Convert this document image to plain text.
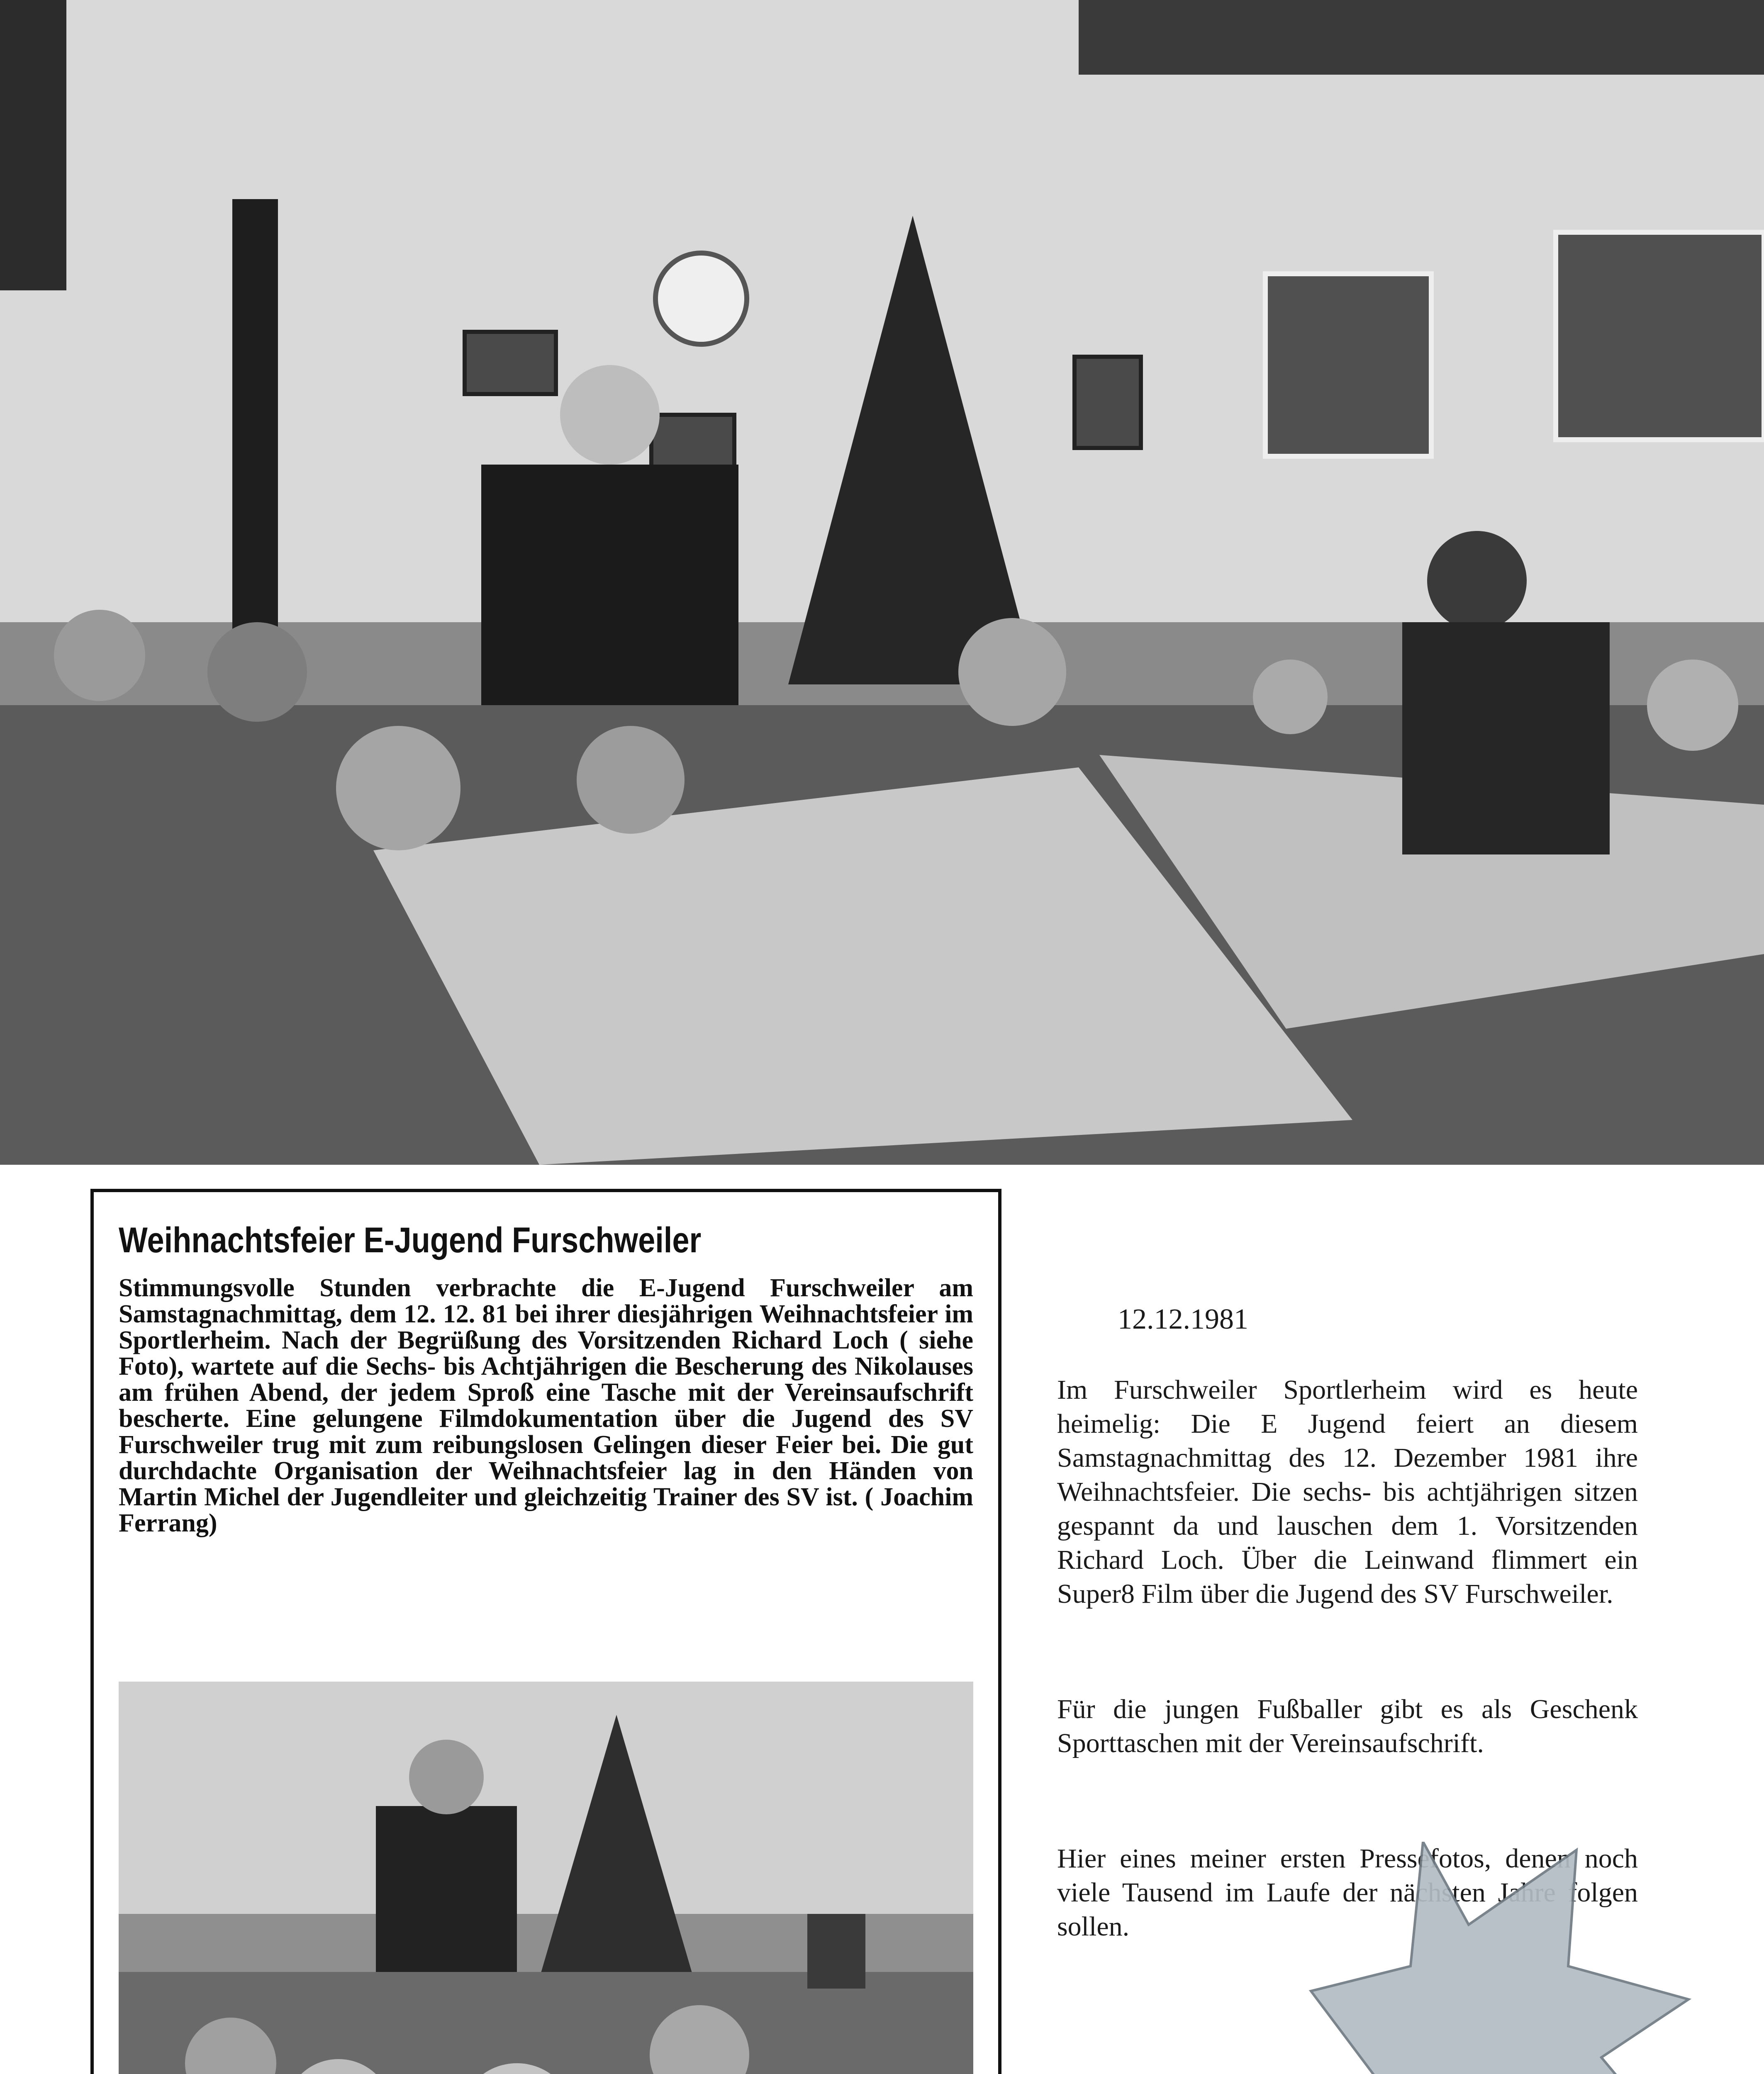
Weihnachtsfeier E-Jugend Furschweiler
Stimmungsvolle Stunden verbrachte die E-Jugend Furschweiler am Samstagnachmittag, dem 12. 12. 81 bei ihrer diesjährigen Weihnachtsfeier im Sportlerheim. Nach der Begrüßung des Vorsitzenden Richard Loch ( siehe Foto), wartete auf die Sechs- bis Achtjährigen die Bescherung des Nikolauses am frühen Abend, der jedem Sproß eine Tasche mit der Vereinsaufschrift bescherte. Eine gelungene Filmdokumentation über die Jugend des SV Furschweiler trug mit zum reibungslosen Gelingen dieser Feier bei. Die gut durchdachte Organisation der Weihnachtsfeier lag in den Händen von Martin Michel der Jugendleiter und gleichzeitig Trainer des SV ist. ( Joachim Ferrang)
12.12.1981
Im Furschweiler Sportlerheim wird es heute heimelig: Die E Jugend feiert an diesem Samstagnachmittag des 12. Dezember 1981 ihre Weihnachtsfeier. Die sechs- bis achtjährigen sitzen gespannt da und lauschen dem 1. Vorsitzenden Richard Loch. Über die Leinwand flimmert ein Super8 Film über die Jugend des SV Furschweiler.
Für die jungen Fußballer gibt es als Geschenk Sporttaschen mit der Vereinsaufschrift.
Hier eines meiner ersten Pressefotos, denen noch viele Tausend im Laufe der nächsten Jahre folgen sollen.
